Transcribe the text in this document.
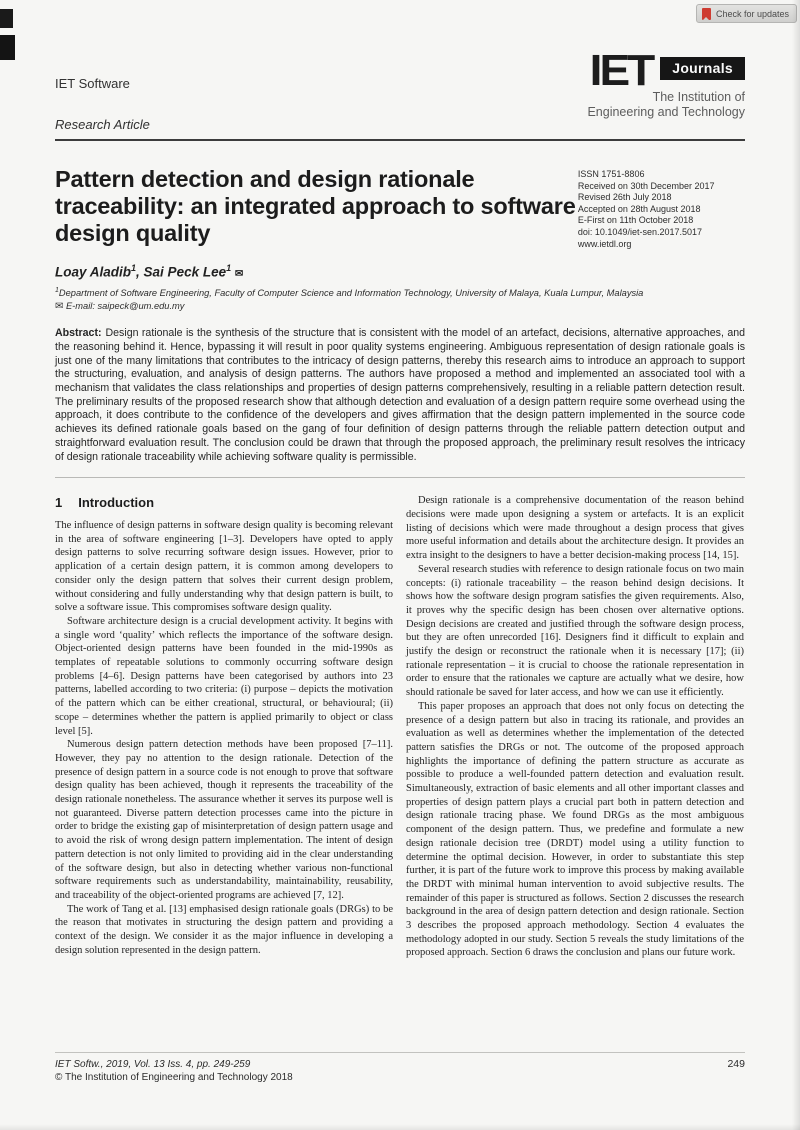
Check for updates
IET Software
Research Article
IET	Journals
The Institution of
Engineering and Technology
Pattern detection and design rationale traceability: an integrated approach to software design quality
ISSN 1751-8806
Received on 30th December 2017
Revised 26th July 2018
Accepted on 28th August 2018
E-First on 11th October 2018
doi: 10.1049/iet-sen.2017.5017
www.ietdl.org
Loay Aladib$^1$, Sai Peck Lee$^1$ ✉
$^1$Department of Software Engineering, Faculty of Computer Science and Information Technology, University of Malaya, Kuala Lumpur, Malaysia
✉ E-mail: saipeck@um.edu.my
Abstract: Design rationale is the synthesis of the structure that is consistent with the model of an artefact, decisions, alternative approaches, and the reasoning behind it. Hence, bypassing it will result in poor quality systems engineering. Ambiguous representation of design rationale goals is just one of the many limitations that contributes to the intricacy of design patterns, thereby this research aims to introduce an approach to support the structuring, evaluation, and analysis of design patterns. The authors have proposed a method and implemented an associated tool with a mechanism that validates the class relationships and properties of design patterns comprehensively, resulting in a reliable pattern detection result. The preliminary results of the proposed research show that although detection and evaluation of a design pattern require some overhead using the approach, it does contribute to the confidence of the developers and gives affirmation that the design pattern implemented in the source code achieves its defined rationale goals based on the gang of four definition of design patterns through the reliable pattern detection output and straightforward evaluation result. The conclusion could be drawn that through the proposed approach, the preliminary result resolves the intricacy of design rationale traceability while achieving software quality is permissible.
1 Introduction

The influence of design patterns in software design quality is becoming relevant in the area of software engineering [1–3]. Developers have opted to apply design patterns to solve recurring software design issues. However, prior to application of a certain design pattern, it is common among developers to consider only the design pattern that solves their current design problem, without considering and fully understanding why that design pattern is built, to solve a software issue. This compromises software design quality.

Software architecture design is a crucial development activity. It begins with a single word ‘quality’ which reflects the importance of the software design. Object-oriented design patterns have been founded in the mid-1990s as templates of repeatable solutions to commonly occurring software design problems [4–6]. Design patterns have been categorised by authors into 23 patterns, labelled according to two criteria: (i) purpose – depicts the motivation of the pattern which can be either creational, structural, or behavioural; (ii) scope – determines whether the pattern is applied primarily to object or class level [5].

Numerous design pattern detection methods have been proposed [7–11]. However, they pay no attention to the design rationale. Detection of the presence of design pattern in a source code is not enough to prove that software design quality has been achieved, though it represents the traceability of the design rationale nonetheless. The assurance whether it serves its purpose well is not guaranteed. Diverse pattern detection processes came into the picture in order to bridge the existing gap of misinterpretation of design pattern usage and to avoid the risk of wrong design pattern implementation. The intent of design pattern detection is not only limited to providing aid in the clear understanding of the software design, but also in detecting whether various non-functional software requirements such as understandability, maintainability, reusability, and traceability of the object-oriented programs are achieved [7, 12].

The work of Tang et al. [13] emphasised design rationale goals (DRGs) to be the reason that motivates in structuring the design pattern and providing a context of the design. We consider it as the major influence in developing a design solution represented in the design pattern.

Design rationale is a comprehensive documentation of the reason behind decisions were made upon designing a system or artefacts. It is an explicit listing of decisions which were made throughout a design process that gives more useful information and details about the architecture design. It provides an extra insight to the designers to have a better decision-making process [14, 15].

Several research studies with reference to design rationale focus on two main concepts: (i) rationale traceability – the reason behind design decisions. It shows how the software design program satisfies the given requirements. Also, it proves why the specific design has been chosen over alternative options. Design decisions are created and justified through the software design process, but they are often unrecorded [16]. Designers find it difficult to explain and justify the design or reconstruct the rationale when it is necessary [17]; (ii) rationale representation – it is crucial to choose the rationale representation in order to ensure that the rationales we capture are actually what we desire, how should rationale be saved for later access, and how we can use it efficiently.

This paper proposes an approach that does not only focus on detecting the presence of a design pattern but also in tracing its rationale, and provides an evaluation as well as determines whether the implementation of the detected pattern satisfies the DRGs or not. The outcome of the proposed approach highlights the importance of defining the pattern structure as accurate as possible to produce a well-founded pattern detection and evaluation result. Simultaneously, extraction of basic elements and all other important classes and properties of design pattern plays a crucial part both in pattern detection and design rationale tracing phase. We found DRGs as the most ambiguous component of the design pattern. Thus, we predefine and formulate a new design rationale decision tree (DRDT) model using a utility function to determine the optimal decision. However, in order to substantiate this step further, it is part of the future work to improve this process by making available the DRDT with minimal human intervention to avoid subjective results. The remainder of this paper is structured as follows. Section 2 discusses the research background in the area of design pattern detection and design rationale. Section 3 describes the proposed approach methodology. Section 4 evaluates the methodology adopted in our study. Section 5 reveals the study limitations of the proposed approach. Section 6 draws the conclusion and plans our future work.

IET Softw., 2019, Vol. 13 Iss. 4, pp. 249-259
© The Institution of Engineering and Technology 2018
249
